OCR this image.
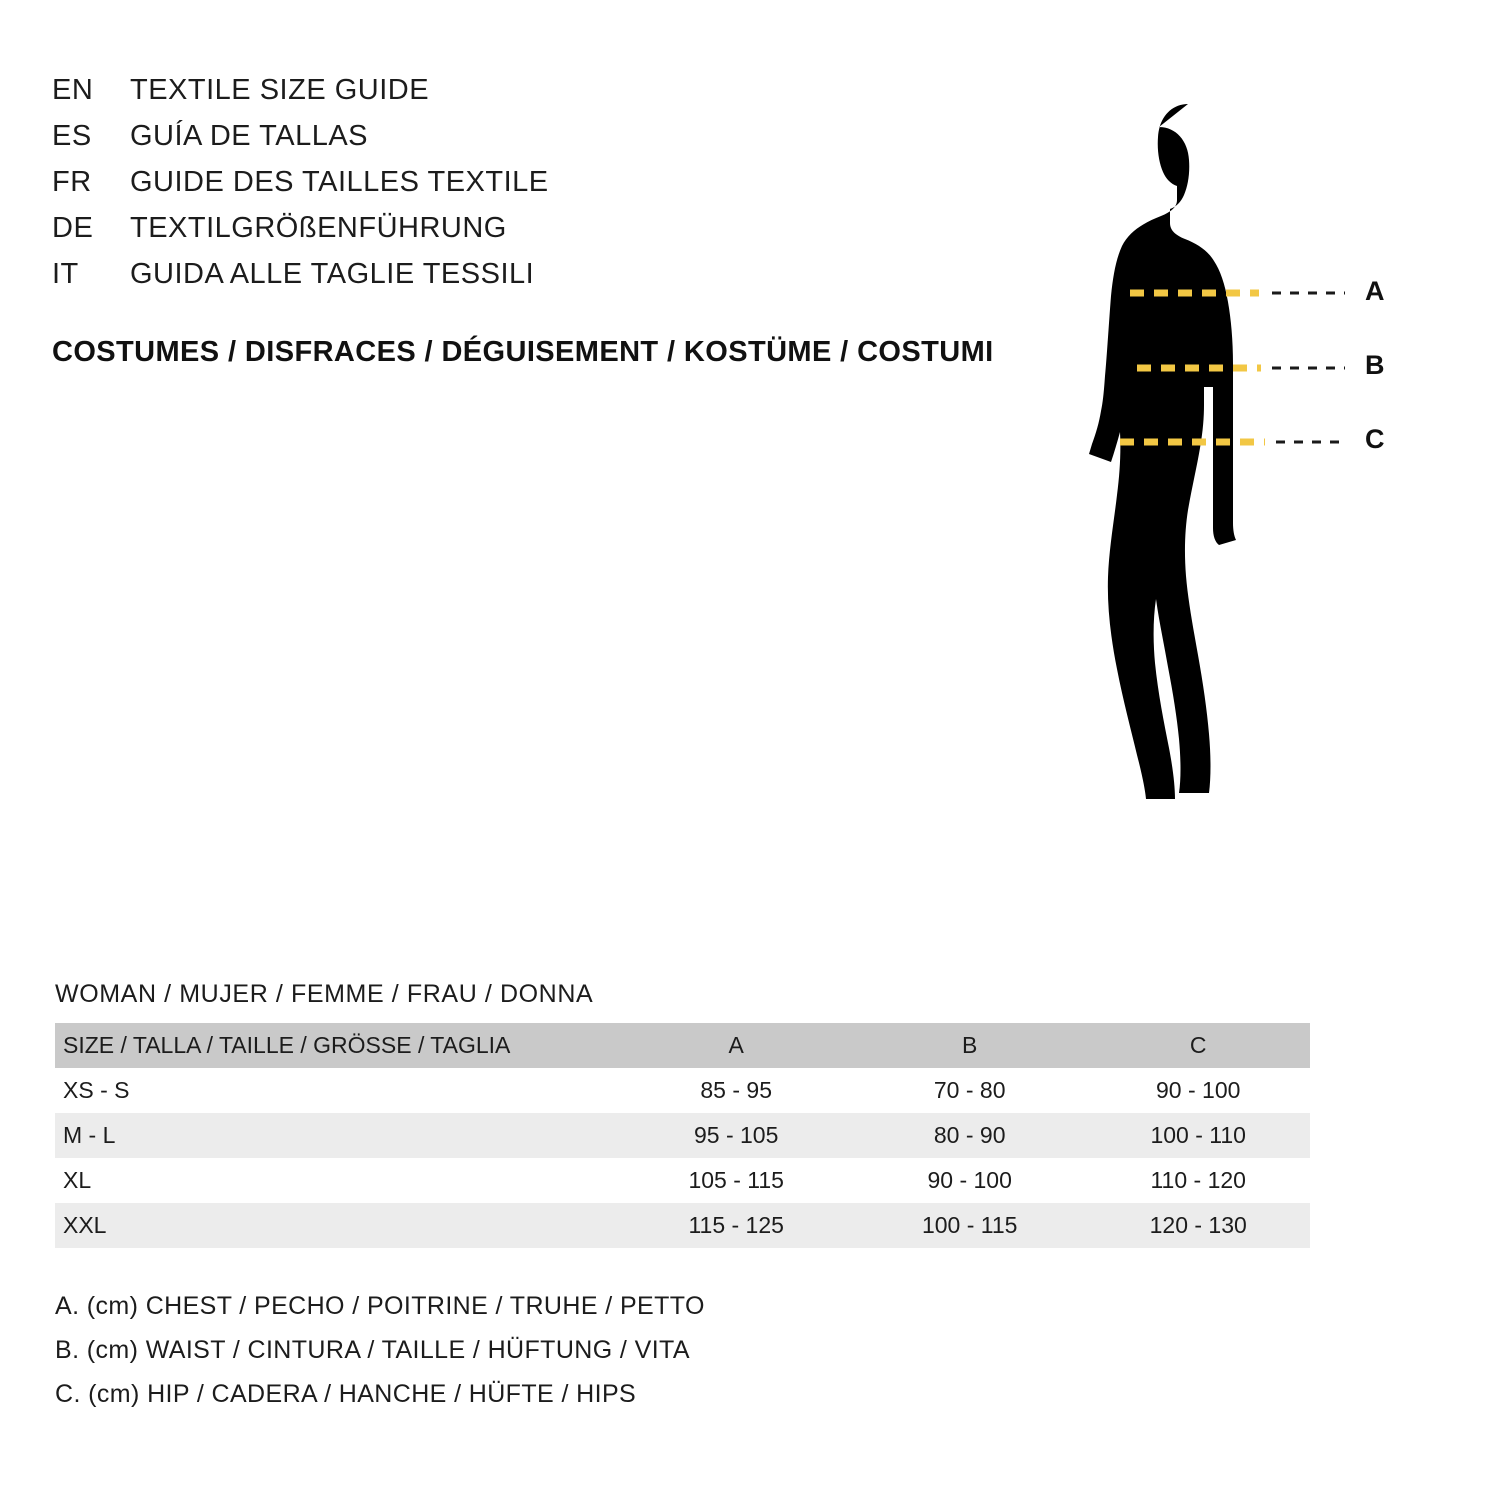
EN	TEXTILE SIZE GUIDE
ES	GUÍA DE TALLAS
FR	GUIDE DES TAILLES TEXTILE
DE	TEXTILGRÖßENFÜHRUNG
IT	GUIDA ALLE TAGLIE TESSILI
COSTUMES / DISFRACES / DÉGUISEMENT / KOSTÜME / COSTUMI
A
B
C
WOMAN / MUJER / FEMME / FRAU / DONNA
SIZE / TALLA / TAILLE / GRÖSSE / TAGLIA	A	B	C
XS - S	85 - 95	70 - 80	90 - 100
M - L	95 - 105	80 - 90	100 - 110
XL	105 - 115	90 - 100	110 - 120
XXL	115 - 125	100 - 115	120 - 130
A. (cm) CHEST / PECHO / POITRINE / TRUHE / PETTO
B. (cm) WAIST / CINTURA / TAILLE / HÜFTUNG / VITA
C. (cm) HIP / CADERA / HANCHE / HÜFTE / HIPS
